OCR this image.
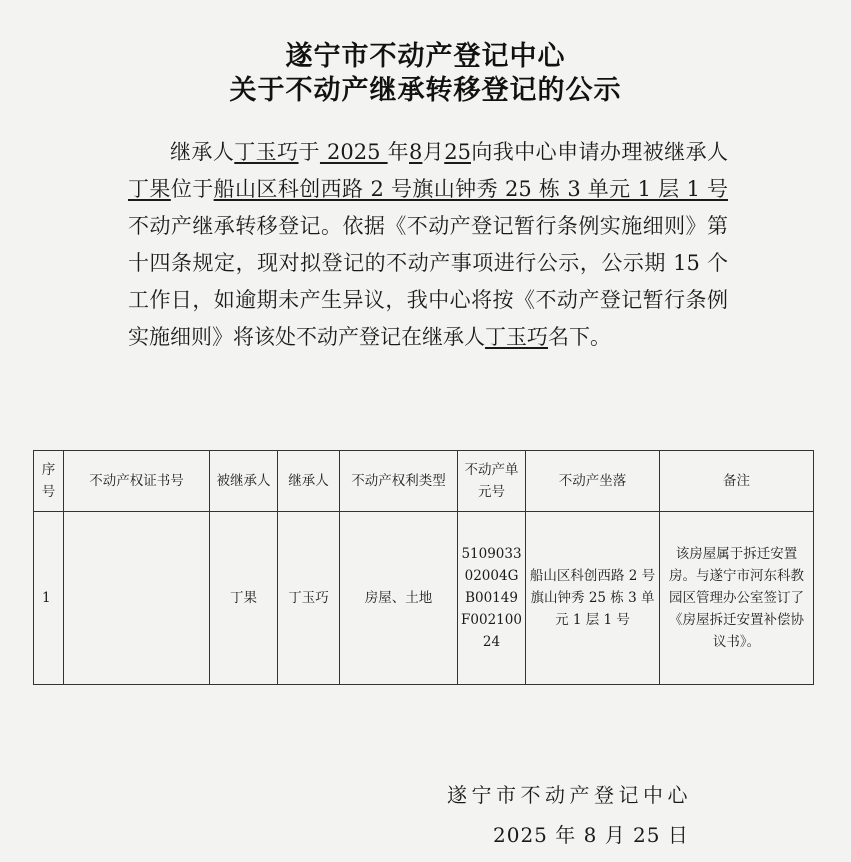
遂宁市不动产登记中心
关于不动产继承转移登记的公示
继承人丁玉巧于 2025 年8月25向我中心申请办理被继承人丁果位于船山区科创西路 2 号旗山钟秀 25 栋 3 单元 1 层 1 号不动产继承转移登记。依据《不动产登记暂行条例实施细则》第十四条规定，现对拟登记的不动产事项进行公示，公示期 15 个工作日，如逾期未产生异议，我中心将按《不动产登记暂行条例实施细则》将该处不动产登记在继承人丁玉巧名下。
序号	不动产权证书号	被继承人	继承人	不动产权利类型	不动产单元号	不动产坐落	备注
1		丁果	丁玉巧	房屋、土地	510903302004GB00149F00210024	船山区科创西路 2 号旗山钟秀 25 栋 3 单元 1 层 1 号	该房屋属于拆迁安置房。与遂宁市河东科教园区管理办公室签订了《房屋拆迁安置补偿协议书》。
遂宁市不动产登记中心
2025 年 8 月 25 日
